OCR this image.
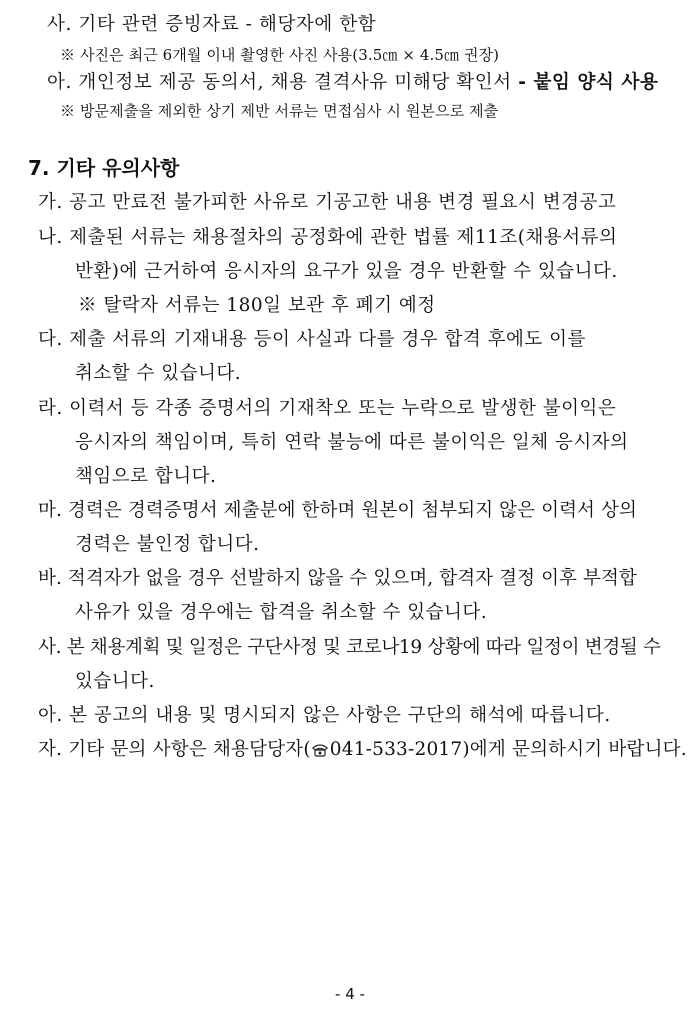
사. 기타 관련 증빙자료 - 해당자에 한함
※ 사진은 최근 6개월 이내 촬영한 사진 사용(3.5㎝ × 4.5㎝ 권장)
아. 개인정보 제공 동의서, 채용 결격사유 미해당 확인서 - 붙임 양식 사용
※ 방문제출을 제외한 상기 제반 서류는 면접심사 시 원본으로 제출
7. 기타 유의사항
가. 공고 만료전 불가피한 사유로 기공고한 내용 변경 필요시 변경공고
나. 제출된 서류는 채용절차의 공정화에 관한 법률 제11조(채용서류의
반환)에 근거하여 응시자의 요구가 있을 경우 반환할 수 있습니다.
※ 탈락자 서류는 180일 보관 후 폐기 예정
다. 제출 서류의 기재내용 등이 사실과 다를 경우 합격 후에도 이를
취소할 수 있습니다.
라. 이력서 등 각종 증명서의 기재착오 또는 누락으로 발생한 불이익은
응시자의 책임이며, 특히 연락 불능에 따른 불이익은 일체 응시자의
책임으로 합니다.
마. 경력은 경력증명서 제출분에 한하며 원본이 첨부되지 않은 이력서 상의
경력은 불인정 합니다.
바. 적격자가 없을 경우 선발하지 않을 수 있으며, 합격자 결정 이후 부적합
사유가 있을 경우에는 합격을 취소할 수 있습니다.
사. 본 채용계획 및 일정은 구단사정 및 코로나19 상황에 따라 일정이 변경될 수
있습니다.
아. 본 공고의 내용 및 명시되지 않은 사항은 구단의 해석에 따릅니다.
자. 기타 문의 사항은 채용담당자( 041-533-2017)에게 문의하시기 바랍니다.
- 4 -
